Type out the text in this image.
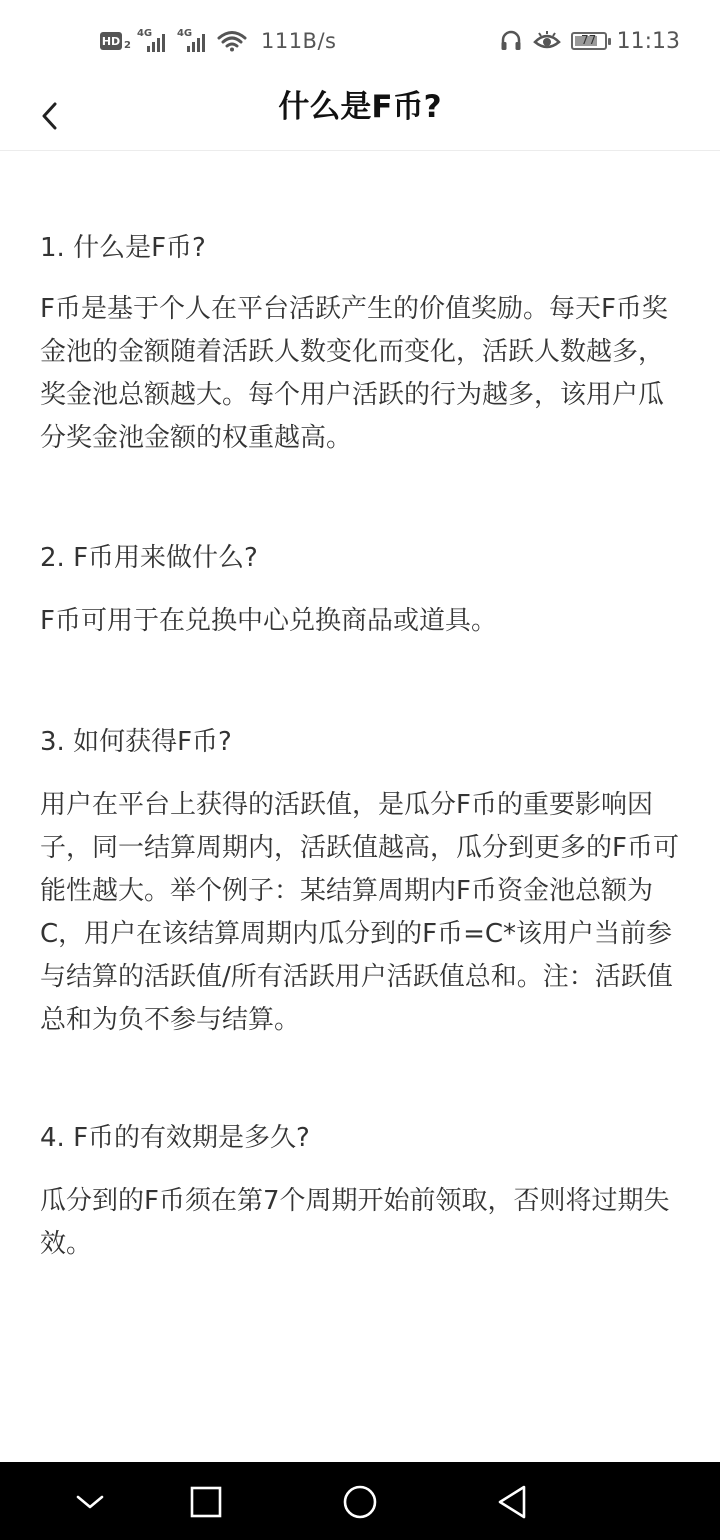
HD 2
4G 4G	111B/s	77 11:13
什么是F币?

1. 什么是F币?

F币是基于个人在平台活跃产生的价值奖励。每天F币奖金池的金额随着活跃人数变化而变化，活跃人数越多，奖金池总额越大。每个用户活跃的行为越多，该用户瓜分奖金池金额的权重越高。

2. F币用来做什么?

F币可用于在兑换中心兑换商品或道具。

3. 如何获得F币?

用户在平台上获得的活跃值，是瓜分F币的重要影响因子，同一结算周期内，活跃值越高，瓜分到更多的F币可能性越大。举个例子：某结算周期内F币资金池总额为C，用户在该结算周期内瓜分到的F币=C*该用户当前参与结算的活跃值/所有活跃用户活跃值总和。注：活跃值总和为负不参与结算。

4. F币的有效期是多久?

瓜分到的F币须在第7个周期开始前领取，否则将过期失效。
